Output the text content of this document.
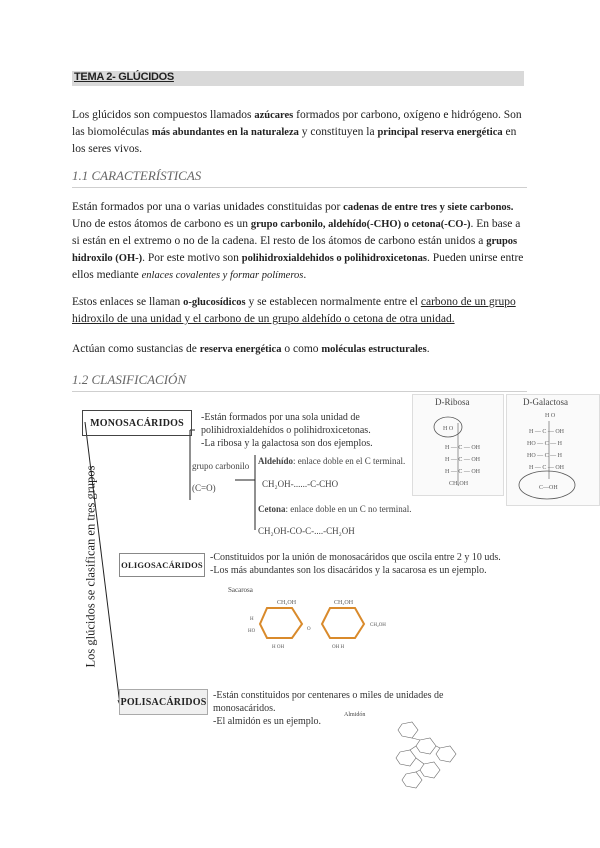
TEMA 2- GLÚCIDOS
Los glúcidos son compuestos llamados azúcares formados por carbono, oxígeno e hidrógeno. Son las biomoléculas más abundantes en la naturaleza y constituyen la principal reserva energética en los seres vivos.
1.1 CARACTERÍSTICAS
Están formados por una o varias unidades constituidas por cadenas de entre tres y siete carbonos. Uno de estos átomos de carbono es un grupo carbonilo, aldehído(-CHO) o cetona(-CO-). En base a si están en el extremo o no de la cadena. El resto de los átomos de carbono están unidos a grupos hidroxilo (OH-). Por este motivo son polihidroxialdehidos o polihidroxicetonas. Pueden unirse entre ellos mediante enlaces covalentes y formar polímeros.
Estos enlaces se llaman o-glucosídicos y se establecen normalmente entre el carbono de un grupo hidroxilo de una unidad y el carbono de un grupo aldehído o cetona de otra unidad.
Actúan como sustancias de reserva energética o como moléculas estructurales.
1.2 CLASIFICACIÓN
Los glúcidos se clasifican en tres grupos
MONOSACÁRIDOS	-Están formados por una sola unidad de
polihidroxialdehídos o polihidroxicetonas.
-La ribosa y la galactosa son dos ejemplos.
grupo carbonilo
(C=O)
Aldehído: enlace doble en el C terminal.
CH₂OH-......-C-CHO
Cetona: enlace doble en un C no terminal.
CH₂OH-CO-C-....-CH₂OH
D-Ribosa
H O
H — C — OH
H — C — OH
H — C — OH
CH₂OH
D-Galactosa
H O
H — C — OH
HO — C — H
HO — C — H
H — C — OH
C—OH
OLIGOSACÁRIDOS
-Constituidos por la unión de monosacáridos que oscila entre 2 y 10 uds.
-Los más abundantes son los disacáridos y la sacarosa es un ejemplo.
Sacarosa
CH₂OH	CH₂OH
H
HO	O
CH₂OH
H OH	OH H
POLISACÁRIDOS
-Están constituidos por centenares o miles de unidades de
monosacáridos.
-El almidón es un ejemplo.
Almidón
